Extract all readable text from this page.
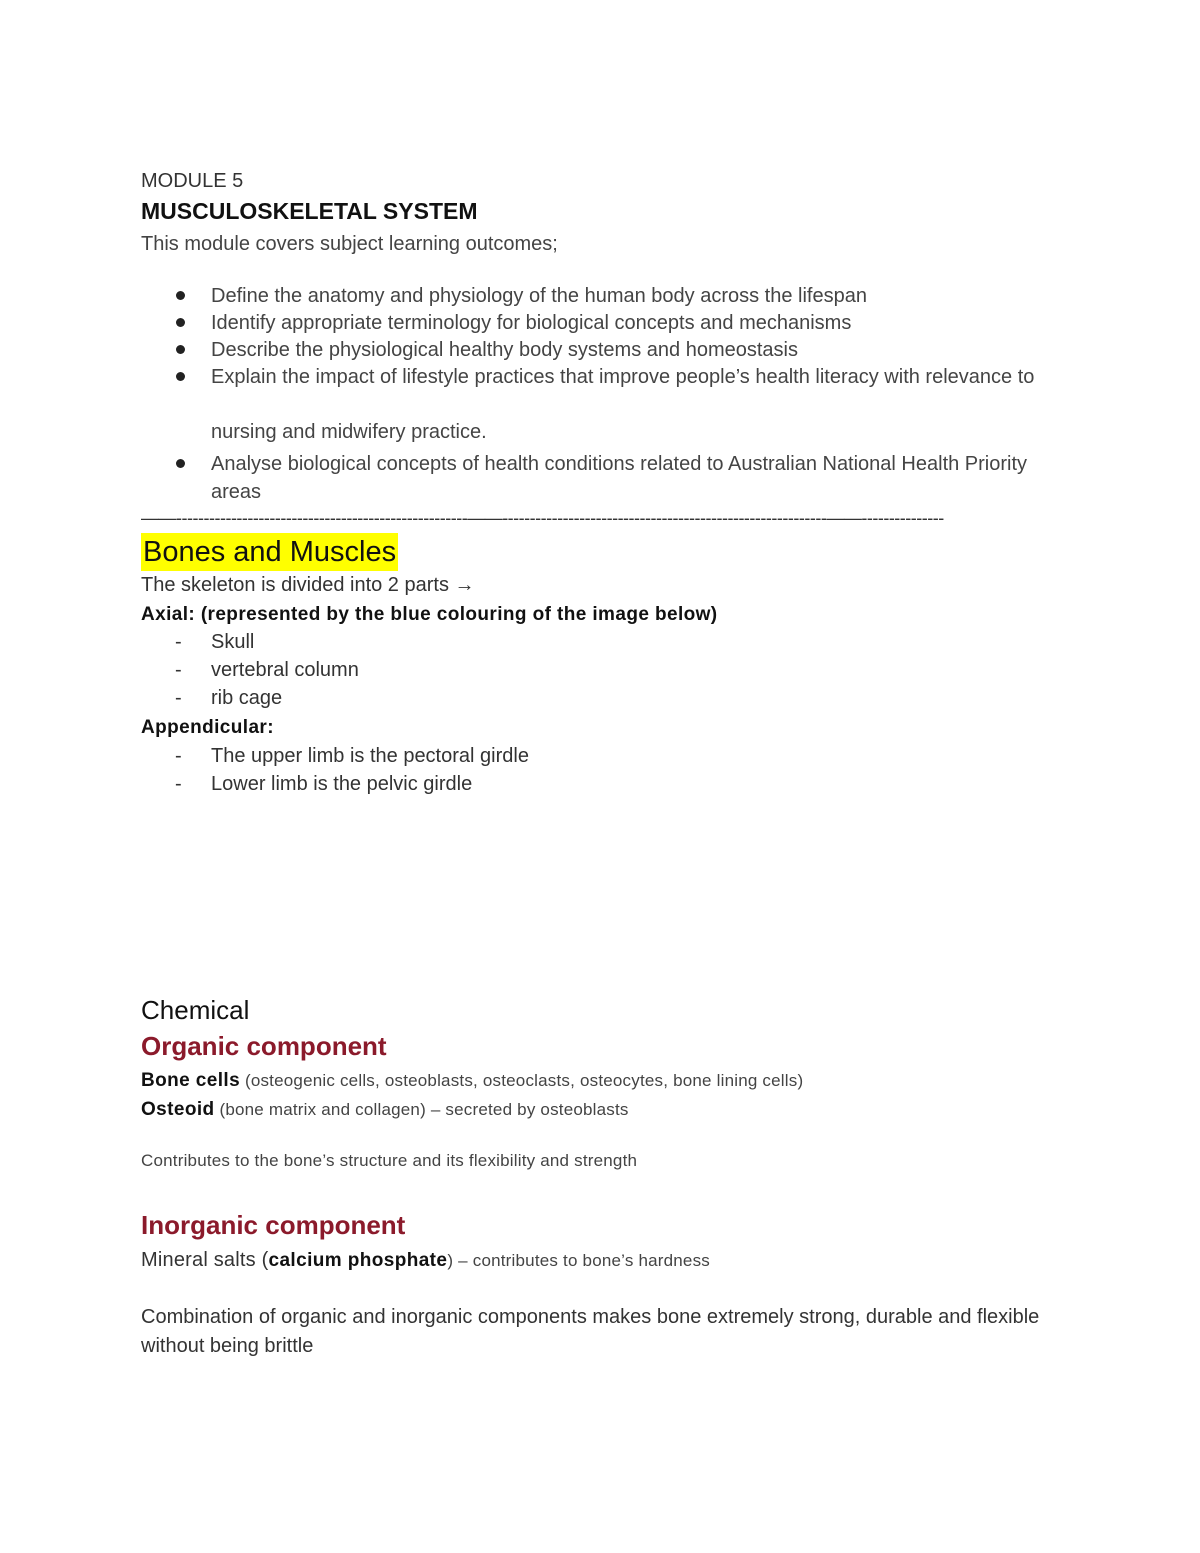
MODULE 5
MUSCULOSKELETAL SYSTEM
This module covers subject learning outcomes;
Define the anatomy and physiology of the human body across the lifespan
Identify appropriate terminology for biological concepts and mechanisms
Describe the physiological healthy body systems and homeostasis
Explain the impact of lifestyle practices that improve people’s health literacy with relevance to
nursing and midwifery practice.
Analyse biological concepts of health conditions related to Australian National Health Priority areas
——-----------------------------------------------------——-----------------------------------------------------------——---------------
Bones and Muscles
The skeleton is divided into 2 parts →
Axial: (represented by the blue colouring of the image below)
- Skull
- vertebral column
- rib cage
Appendicular:
- The upper limb is the pectoral girdle
- Lower limb is the pelvic girdle
Chemical
Organic component
Bone cells (osteogenic cells, osteoblasts, osteoclasts, osteocytes, bone lining cells)
Osteoid (bone matrix and collagen) – secreted by osteoblasts
Contributes to the bone’s structure and its flexibility and strength
Inorganic component
Mineral salts (calcium phosphate) – contributes to bone’s hardness
Combination of organic and inorganic components makes bone extremely strong, durable and flexible without being brittle
